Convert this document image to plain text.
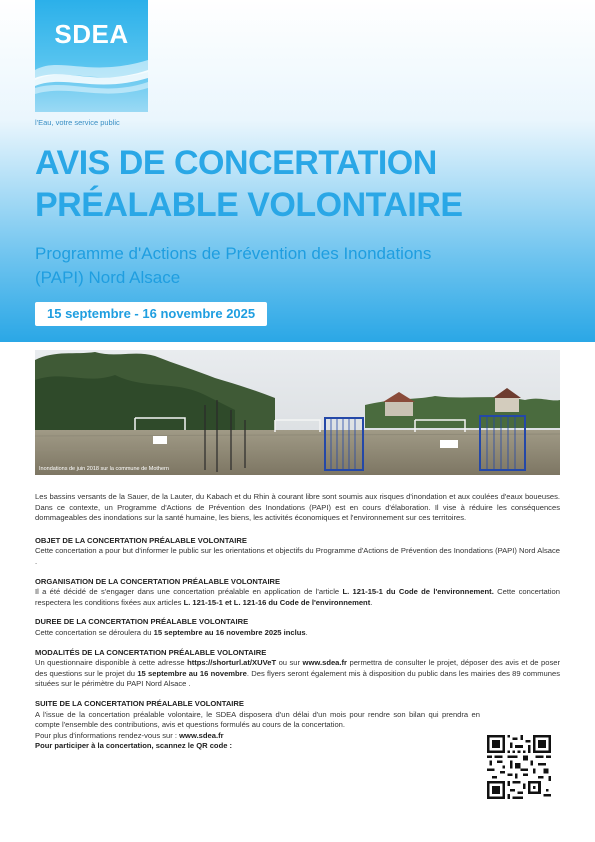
SDEA
l'Eau, votre service public
AVIS DE CONCERTATION
PRÉALABLE VOLONTAIRE
Programme d'Actions de Prévention des Inondations
(PAPI) Nord Alsace
15 septembre - 16 novembre 2025
Inondations de juin 2018 sur la commune de Mothern

Les bassins versants de la Sauer, de la Lauter, du Kabach et du Rhin à courant libre sont soumis aux risques d'inondation et aux coulées d'eaux boueuses. Dans ce contexte, un Programme d'Actions de Prévention des Inondations (PAPI) est en cours d'élaboration. Il vise à réduire les conséquences dommageables des inondations sur la santé humaine, les biens, les activités économiques et l'environnement sur ces territoires.

OBJET DE LA CONCERTATION PRÉALABLE VOLONTAIRE

Cette concertation a pour but d'informer le public sur les orientations et objectifs du Programme d'Actions de Prévention des Inondations (PAPI) Nord Alsace .

ORGANISATION DE LA CONCERTATION PRÉALABLE VOLONTAIRE

Il a été décidé de s'engager dans une concertation préalable en application de l'article L. 121-15-1 du Code de l'environnement. Cette concertation respectera les conditions fixées aux articles L. 121-15-1 et L. 121-16 du Code de l'environnement.

DUREE DE LA CONCERTATION PRÉALABLE VOLONTAIRE

Cette concertation se déroulera du 15 septembre au 16 novembre 2025 inclus.

MODALITÉS DE LA CONCERTATION PRÉALABLE VOLONTAIRE

Un questionnaire disponible à cette adresse https://shorturl.at/XUVeT ou sur www.sdea.fr permettra de consulter le projet, déposer des avis et de poser des questions sur le projet du 15 septembre au 16 novembre. Des flyers seront également mis à disposition du public dans les mairies des 89 communes situées sur le périmètre du PAPI Nord Alsace .

SUITE DE LA CONCERTATION PRÉALABLE VOLONTAIRE

A l'issue de la concertation préalable volontaire, le SDEA disposera d'un délai d'un mois pour rendre son bilan qui prendra en compte l'ensemble des contributions, avis et questions formulés au cours de la concertation.

Pour plus d'informations rendez-vous sur : www.sdea.fr

Pour participer à la concertation, scannez le QR code :
